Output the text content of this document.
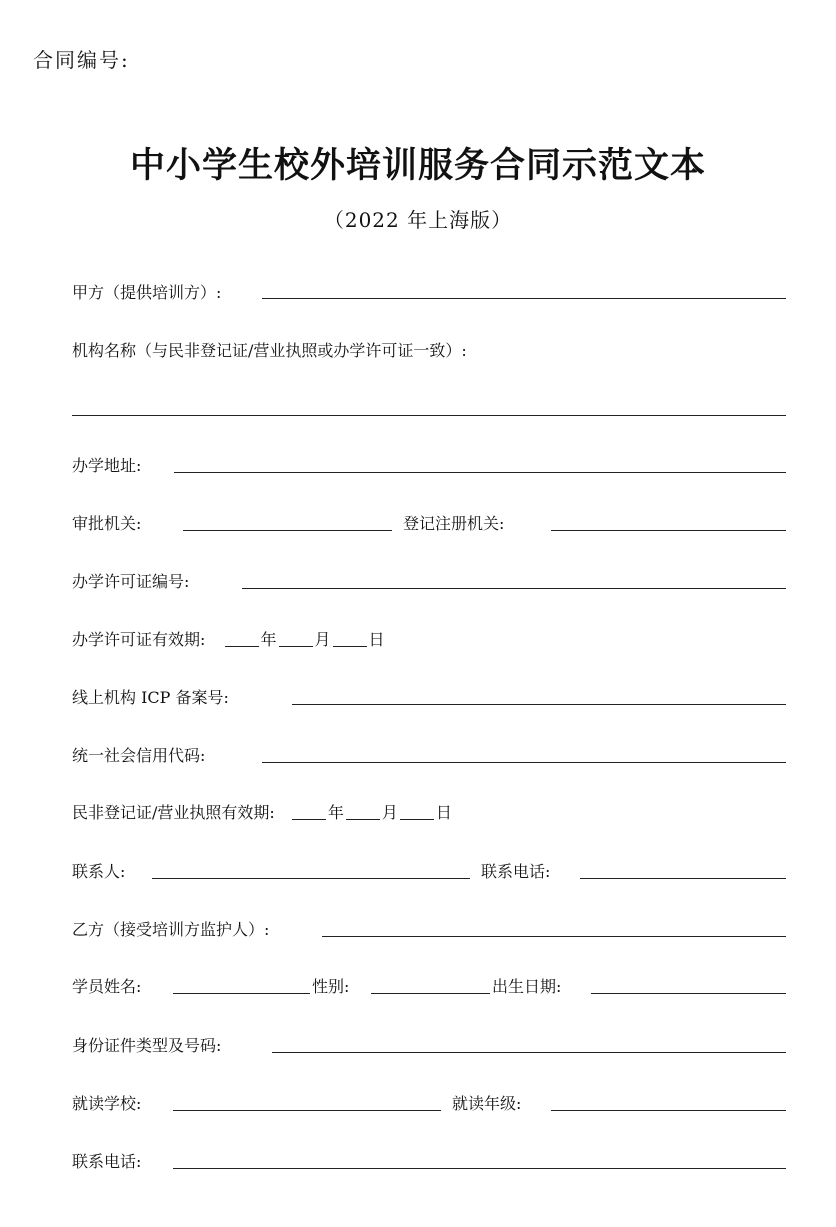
合同编号:
中小学生校外培训服务合同示范文本
（2022 年上海版）
甲方（提供培训方）:
机构名称（与民非登记证/营业执照或办学许可证一致）:
办学地址:
审批机关:	登记注册机关:
办学许可证编号:
办学许可证有效期:	年 月 日
线上机构 ICP 备案号:
统一社会信用代码:
民非登记证/营业执照有效期:	年 月 日
联系人:	联系电话:
乙方（接受培训方监护人）:
学员姓名:	性别:	出生日期:
身份证件类型及号码:
就读学校:	就读年级:
联系电话:
